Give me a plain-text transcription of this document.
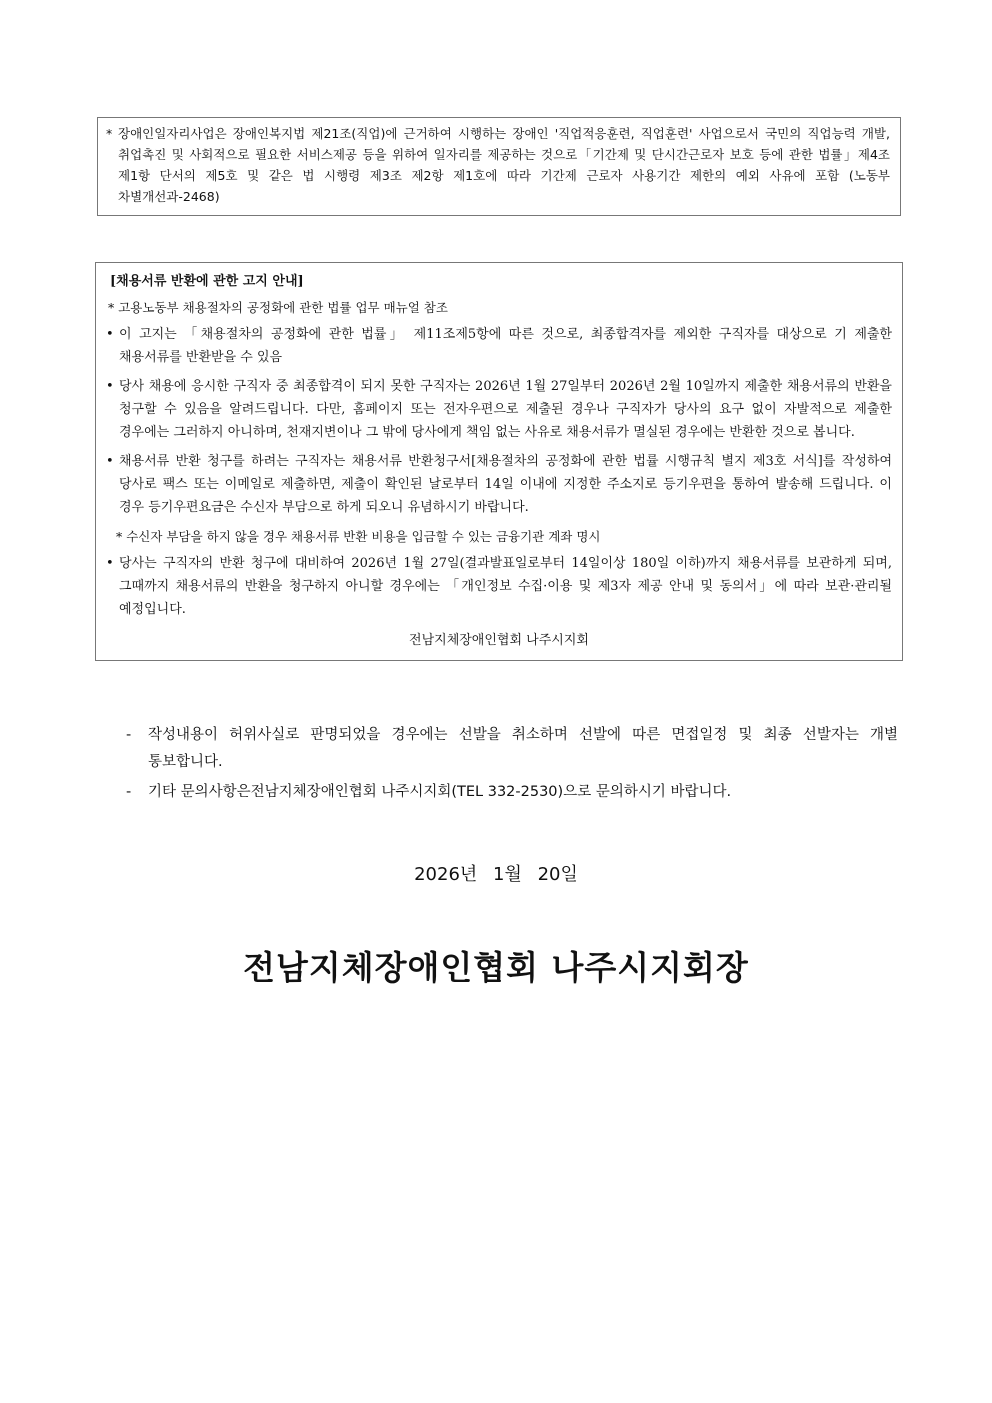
* 장애인일자리사업은 장애인복지법 제21조(직업)에 근거하여 시행하는 장애인 '직업적응훈련, 직업훈련' 사업으로서 국민의 직업능력 개발, 취업촉진 및 사회적으로 필요한 서비스제공 등을 위하여 일자리를 제공하는 것으로「기간제 및 단시간근로자 보호 등에 관한 법률」제4조 제1항 단서의 제5호 및 같은 법 시행령 제3조 제2항 제1호에 따라 기간제 근로자 사용기간 제한의 예외 사유에 포함 (노동부 차별개선과-2468)
[채용서류 반환에 관한 고지 안내]
* 고용노동부 채용절차의 공정화에 관한 법률 업무 매뉴얼 참조
• 이 고지는 「채용절차의 공정화에 관한 법률」 제11조제5항에 따른 것으로, 최종합격자를 제외한 구직자를 대상으로 기 제출한 채용서류를 반환받을 수 있음
• 당사 채용에 응시한 구직자 중 최종합격이 되지 못한 구직자는 2026년 1월 27일부터 2026년 2월 10일까지 제출한 채용서류의 반환을 청구할 수 있음을 알려드립니다. 다만, 홈페이지 또는 전자우편으로 제출된 경우나 구직자가 당사의 요구 없이 자발적으로 제출한 경우에는 그러하지 아니하며, 천재지변이나 그 밖에 당사에게 책임 없는 사유로 채용서류가 멸실된 경우에는 반환한 것으로 봅니다.
• 채용서류 반환 청구를 하려는 구직자는 채용서류 반환청구서[채용절차의 공정화에 관한 법률 시행규칙 별지 제3호 서식]를 작성하여 당사로 팩스 또는 이메일로 제출하면, 제출이 확인된 날로부터 14일 이내에 지정한 주소지로 등기우편을 통하여 발송해 드립니다. 이 경우 등기우편요금은 수신자 부담으로 하게 되오니 유념하시기 바랍니다.
* 수신자 부담을 하지 않을 경우 채용서류 반환 비용을 입금할 수 있는 금융기관 계좌 명시
• 당사는 구직자의 반환 청구에 대비하여 2026년 1월 27일(결과발표일로부터 14일이상 180일 이하)까지 채용서류를 보관하게 되며, 그때까지 채용서류의 반환을 청구하지 아니할 경우에는 「개인정보 수집·이용 및 제3자 제공 안내 및 동의서」에 따라 보관·관리될 예정입니다.
전남지체장애인협회 나주시지회
- 작성내용이 허위사실로 판명되었을 경우에는 선발을 취소하며 선발에 따른 면접일정 및 최종 선발자는 개별 통보합니다.
- 기타 문의사항은전남지체장애인협회 나주시지회(TEL 332-2530)으로 문의하시기 바랍니다.
2026년 1월 20일
전남지체장애인협회 나주시지회장
